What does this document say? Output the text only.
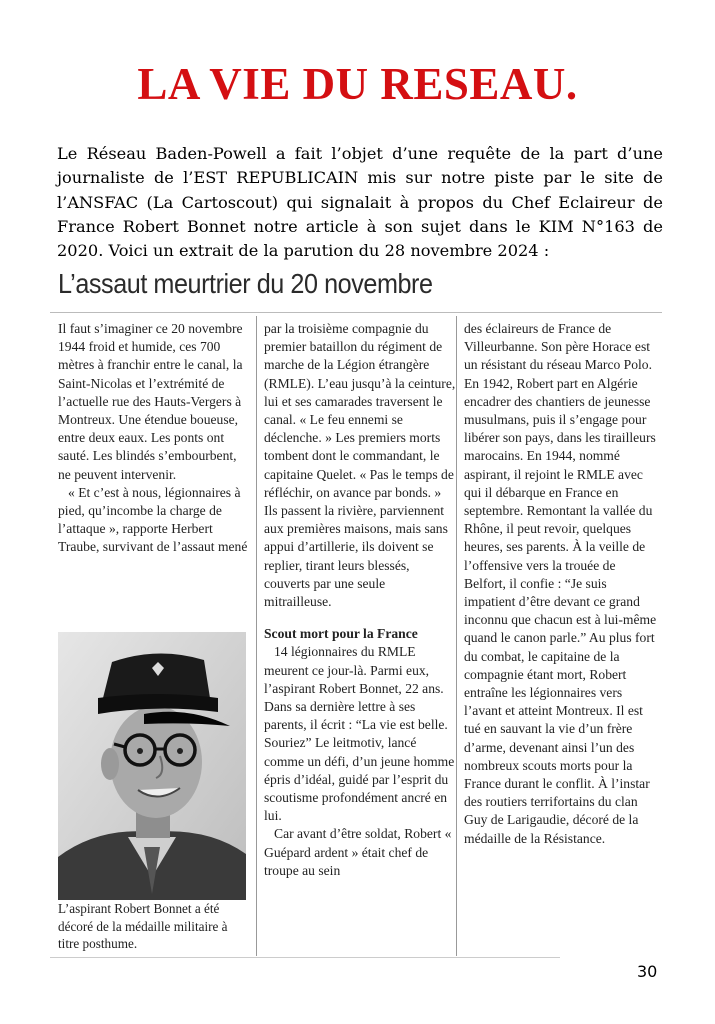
LA VIE DU RESEAU.
Le Réseau Baden-Powell a fait l’objet d’une requête de la part d’une journaliste de l’EST REPUBLICAIN mis sur notre piste par le site de l’ANSFAC (La Cartoscout) qui signalait à propos du Chef Eclaireur de France Robert Bonnet notre article à son sujet dans le KIM N°163 de 2020. Voici un extrait de la parution du 28 novembre 2024 :
L’assaut meurtrier du 20 novembre

Il faut s’imaginer ce 20 novembre 1944 froid et humide, ces 700 mètres à franchir entre le canal, la Saint-Nicolas et l’extrémité de l’actuelle rue des Hauts-Vergers à Montreux. Une étendue boueuse, entre deux eaux. Les ponts ont sauté. Les blindés s’embourbent, ne peuvent intervenir.

« Et c’est à nous, légionnaires à pied, qu’incombe la charge de l’attaque », rapporte Herbert Traube, survivant de l’assaut mené

L’aspirant Robert Bonnet a été décoré de la médaille militaire à titre posthume.

par la troisième compagnie du premier bataillon du régiment de marche de la Légion étrangère (RMLE). L’eau jusqu’à la ceinture, lui et ses camarades traversent le canal. « Le feu ennemi se déclenche. » Les premiers morts tombent dont le commandant, le capitaine Quelet. « Pas le temps de réfléchir, on avance par bonds. » Ils passent la rivière, parviennent aux premières maisons, mais sans appui d’artillerie, ils doivent se replier, tirant leurs blessés, couverts par une seule mitrailleuse.

Scout mort pour la France

14 légionnaires du RMLE meurent ce jour-là. Parmi eux, l’aspirant Robert Bonnet, 22 ans. Dans sa dernière lettre à ses parents, il écrit : “La vie est belle. Souriez” Le leitmotiv, lancé comme un défi, d’un jeune homme épris d’idéal, guidé par l’esprit du scoutisme profondément ancré en lui.

Car avant d’être soldat, Robert « Guépard ardent » était chef de troupe au sein

des éclaireurs de France de Villeurbanne. Son père Horace est un résistant du réseau Marco Polo. En 1942, Robert part en Algérie encadrer des chantiers de jeunesse musulmans, puis il s’engage pour libérer son pays, dans les tirailleurs marocains. En 1944, nommé aspirant, il rejoint le RMLE avec qui il débarque en France en septembre. Remontant la vallée du Rhône, il peut revoir, quelques heures, ses parents. À la veille de l’offensive vers la trouée de Belfort, il confie : “Je suis impatient d’être devant ce grand inconnu que chacun est à lui-même quand le canon parle.” Au plus fort du combat, le capitaine de la compagnie étant mort, Robert entraîne les légionnaires vers l’avant et atteint Montreux. Il est tué en sauvant la vie d’un frère d’arme, devenant ainsi l’un des nombreux scouts morts pour la France durant le conflit. À l’instar des routiers terrifortains du clan Guy de Larigaudie, décoré de la médaille de la Résistance.

30
